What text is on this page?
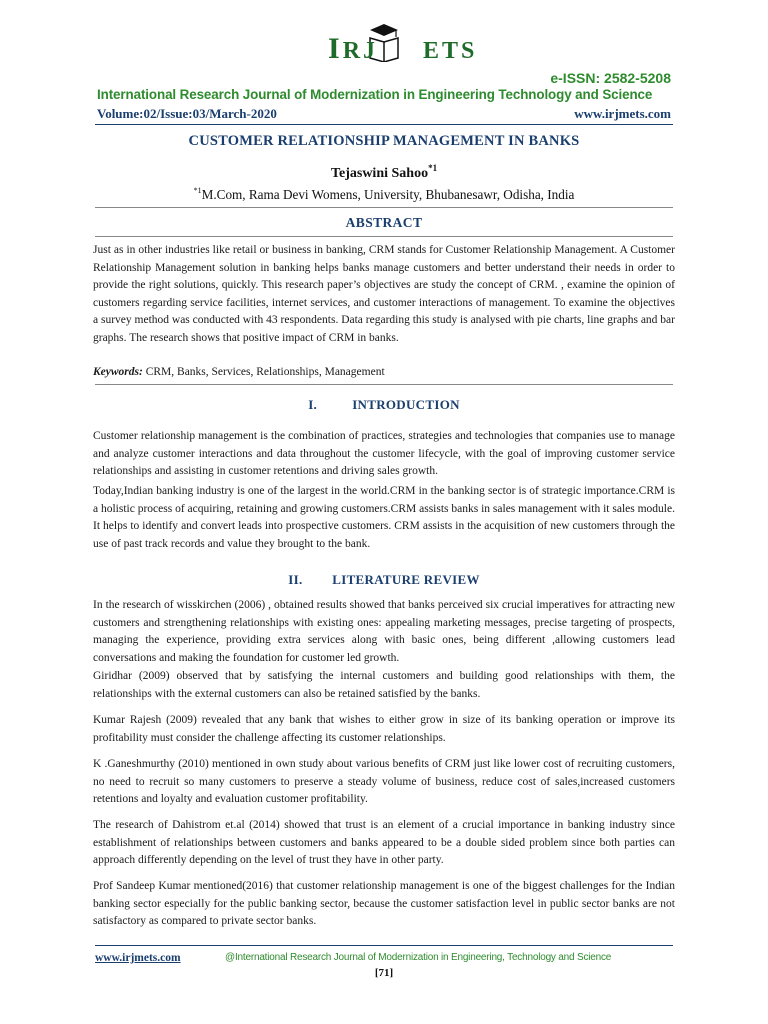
IRJ     ETS
e-ISSN: 2582-5208
International Research Journal of Modernization in Engineering Technology and Science
Volume:02/Issue:03/March-2020	www.irjmets.com
CUSTOMER RELATIONSHIP MANAGEMENT IN BANKS
Tejaswini Sahoo$^{*1}$
$^{*1}$M.Com, Rama Devi Womens, University, Bhubanesawr, Odisha, India
ABSTRACT
Just as in other industries like retail or business in banking, CRM stands for Customer Relationship Management. A Customer Relationship Management solution in banking helps banks manage customers and better understand their needs in order to provide the right solutions, quickly. This research paper’s objectives are study the concept of CRM. , examine the opinion of customers regarding service facilities, internet services, and customer interactions of management. To examine the objectives a survey method was conducted with 43 respondents. Data regarding this study is analysed with pie charts, line graphs and bar graphs. The research shows that positive impact of CRM in banks.
Keywords: CRM, Banks, Services, Relationships, Management
I.	INTRODUCTION
Customer relationship management is the combination of practices, strategies and technologies that companies use to manage and analyze customer interactions and data throughout the customer lifecycle, with the goal of improving customer service relationships and assisting in customer retentions and driving sales growth.
Today,Indian banking industry is one of the largest in the world.CRM in the banking sector is of strategic importance.CRM is a holistic process of acquiring, retaining and growing customers.CRM assists banks in sales management with it sales module. It helps to identify and convert leads into prospective customers. CRM assists in the acquisition of new customers through the use of past track records and value they brought to the bank.
II. LITERATURE REVIEW
In the research of wisskirchen (2006) , obtained results showed that banks perceived six crucial imperatives for attracting new customers and strengthening relationships with existing ones: appealing marketing messages, precise targeting of prospects, managing the experience, providing extra services along with basic ones, being different ,allowing customers lead conversations and making the foundation for customer led growth.
Giridhar (2009) observed that by satisfying the internal customers and building good relationships with them, the relationships with the external customers can also be retained satisfied by the banks.
Kumar Rajesh (2009) revealed that any bank that wishes to either grow in size of its banking operation or improve its profitability must consider the challenge affecting its customer relationships.
K .Ganeshmurthy (2010) mentioned in own study about various benefits of CRM just like lower cost of recruiting customers, no need to recruit so many customers to preserve a steady volume of business, reduce cost of sales,increased customers retentions and loyalty and evaluation customer profitability.
The research of Dahistrom et.al (2014) showed that trust is an element of a crucial importance in banking industry since establishment of relationships between customers and banks appeared to be a double sided problem since both parties can approach differently depending on the level of trust they have in other party.
Prof Sandeep Kumar mentioned(2016) that customer relationship management is one of the biggest challenges for the Indian banking sector especially for the public banking sector, because the customer satisfaction level in public sector banks are not satisfactory as compared to private sector banks.
www.irjmets.com	@International Research Journal of Modernization in Engineering, Technology and Science
[71]
